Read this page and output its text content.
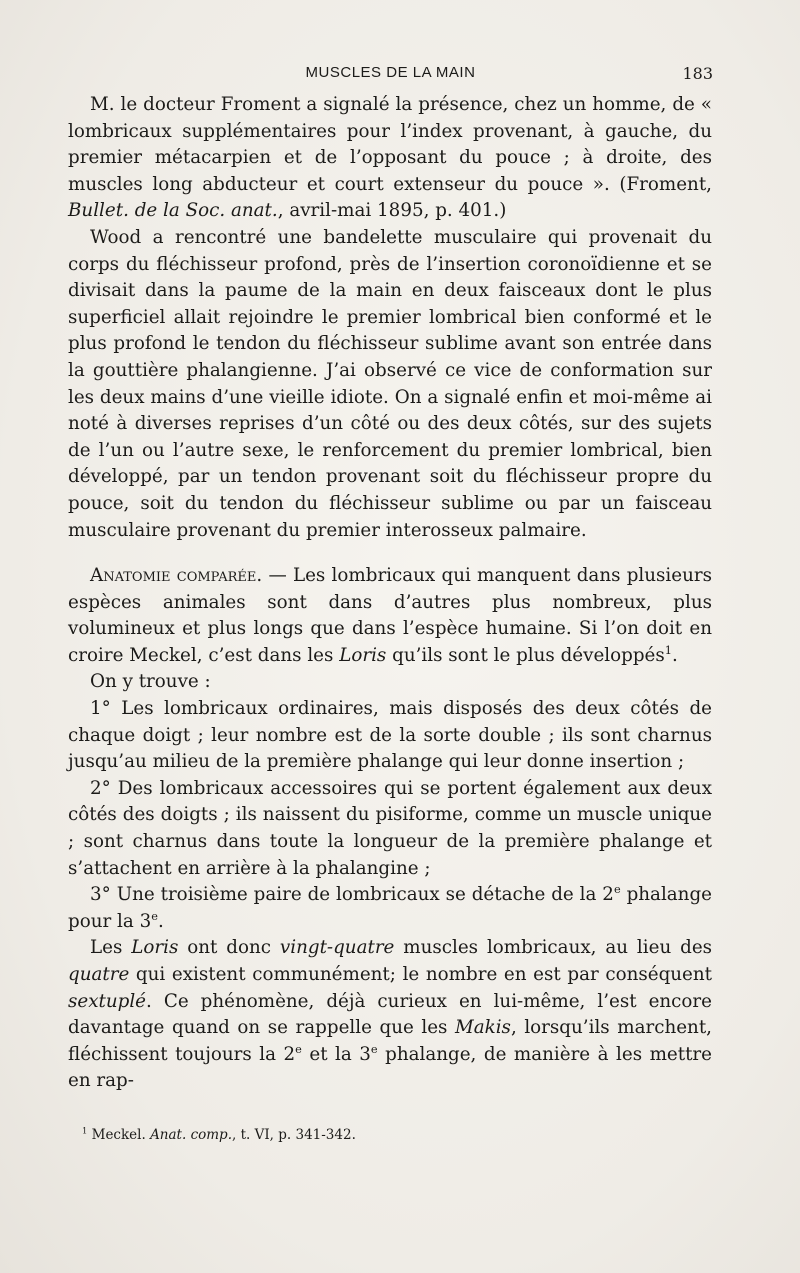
MUSCLES DE LA MAIN	183

M. le docteur Froment a signalé la présence, chez un homme, de « lombricaux supplémentaires pour l’index provenant, à gauche, du premier métacarpien et de l’opposant du pouce ; à droite, des muscles long abducteur et court extenseur du pouce ». (Froment, Bullet. de la Soc. anat., avril-mai 1895, p. 401.)

Wood a rencontré une bandelette musculaire qui provenait du corps du fléchisseur profond, près de l’insertion coronoïdienne et se divisait dans la paume de la main en deux faisceaux dont le plus superficiel allait rejoindre le premier lombrical bien conformé et le plus profond le tendon du fléchisseur sublime avant son entrée dans la gouttière phalangienne. J’ai observé ce vice de conformation sur les deux mains d’une vieille idiote. On a signalé enfin et moi-même ai noté à diverses reprises d’un côté ou des deux côtés, sur des sujets de l’un ou l’autre sexe, le renforcement du premier lombrical, bien développé, par un tendon provenant soit du fléchisseur propre du pouce, soit du tendon du fléchisseur sublime ou par un faisceau musculaire provenant du premier interosseux palmaire.

Anatomie comparée. — Les lombricaux qui manquent dans plusieurs espèces animales sont dans d’autres plus nombreux, plus volumineux et plus longs que dans l’espèce humaine. Si l’on doit en croire Meckel, c’est dans les Loris qu’ils sont le plus développés$^1$.

On y trouve :

1° Les lombricaux ordinaires, mais disposés des deux côtés de chaque doigt ; leur nombre est de la sorte double ; ils sont charnus jusqu’au milieu de la première phalange qui leur donne insertion ;

2° Des lombricaux accessoires qui se portent également aux deux côtés des doigts ; ils naissent du pisiforme, comme un muscle unique ; sont charnus dans toute la longueur de la première phalange et s’attachent en arrière à la phalangine ;

3° Une troisième paire de lombricaux se détache de la 2e phalange pour la 3e.

Les Loris ont donc vingt-quatre muscles lombricaux, au lieu des quatre qui existent communément; le nombre en est par conséquent sextuplé. Ce phénomène, déjà curieux en lui-même, l’est encore davantage quand on se rappelle que les Makis, lorsqu’ils marchent, fléchissent toujours la 2e et la 3e phalange, de manière à les mettre en rap-

$^1$ Meckel. Anat. comp., t. VI, p. 341-342.
